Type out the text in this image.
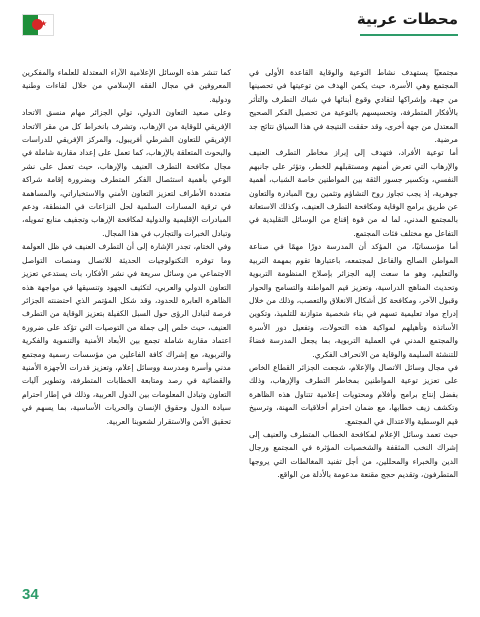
محطات عربية
★

مجتمعيًا يستهدف نشاط التوعية والوقاية القاعدة الأولى في المجتمع وهي الأسرة، حيث يكمن الهدف من توعيتها في تحصينها من جهة، وإشراكها لتفادي وقوع أبنائها في شباك التطرف والتأثر بالأفكار المتطرفة، وتحسيسهم بالتوعية من تحصيل الفكر الصحيح المعتدل من جهة أخرى، وقد حققت النتيجة في هذا السياق نتائج جد مرضية.

أما توعية الأفراد، فتهدف إلى إبراز مخاطر التطرف العنيف والإرهاب التي تعرض أمنهم ومستقبلهم للخطر، وتؤثر على جانبهم النفسي، وتكسير جسور الثقة بين المواطنين خاصة الشباب، أهمية جوهرية، إذ يجب تجاوز روح التشاؤم وتثمين روح المبادرة والتعاون عن طريق برامج الوقاية ومكافحة التطرف العنيف، وكذلك الاستعانة بالمجتمع المدني، لما له من قوة إقناع من الوسائل التقليدية في التفاعل مع مختلف فئات المجتمع.

أما مؤسساتيًا، من المؤكد أن المدرسة دورًا مهمًا في صناعة المواطن الصالح والفاعل لمجتمعه، باعتبارها تقوم بمهمة التربية والتعليم، وهو ما سعت إليه الجزائر بإصلاح المنظومة التربوية وتحديث المناهج الدراسية، وتعزيز قيم المواطنة والتسامح والحوار وقبول الآخر، ومكافحة كل أشكال الانغلاق والتعصب، وذلك من خلال إدراج مواد تعليمية تسهم في بناء شخصية متوازنة للتلميذ، وتكوين الأساتذة وتأهيلهم لمواكبة هذه التحولات، وتفعيل دور الأسرة والمجتمع المدني في العملية التربوية، بما يجعل المدرسة فضاءً للتنشئة السليمة والوقاية من الانحراف الفكري.

في مجال وسائل الاتصال والإعلام، شجعت الجزائر القطاع الخاص على تعزيز توعية المواطنين بمخاطر التطرف والإرهاب، وذلك بفضل إنتاج برامج وأفلام ومحتويات إعلامية تتناول هذه الظاهرة وتكشف زيف خطابها، مع ضمان احترام أخلاقيات المهنة، وترسيخ قيم الوسطية والاعتدال في المجتمع.

حيث تعمد وسائل الإعلام لمكافحة الخطاب المتطرف والعنيف إلى إشراك النخب المثقفة والشخصيات المؤثرة في المجتمع ورجال الدين والخبراء والمحللين، من أجل تفنيد المغالطات التي يروجها المتطرفون، وتقديم حجج مقنعة مدعومة بالأدلة من الواقع.

كما تنشر هذه الوسائل الإعلامية الآراء المعتدلة للعلماء والمفكرين المعروفين في مجال الفقه الإسلامي من خلال لقاءات وطنية ودولية.

وعلى صعيد التعاون الدولي، تولي الجزائر مهام منسق الاتحاد الإفريقي للوقاية من الإرهاب، وتشرف بانخراط كل من مقر الاتحاد الإفريقي للتعاون الشرطي أفريبول، والمركز الإفريقي للدراسات والبحوث المتعلقة بالإرهاب، كما تعمل على إعداد مقاربة شاملة في مجال مكافحة التطرف العنيف والإرهاب، حيث تعمل على نشر الوعي بأهمية استئصال الفكر المتطرف وبضرورة إقامة شراكة متعددة الأطراف لتعزيز التعاون الأمني والاستخباراتي، والمساهمة في ترقية المسارات السلمية لحل النزاعات في المنطقة، ودعم المبادرات الإقليمية والدولية لمكافحة الإرهاب وتجفيف منابع تمويله، وتبادل الخبرات والتجارب في هذا المجال.

وفي الختام، تجدر الإشارة إلى أن التطرف العنيف في ظل العولمة وما توفره التكنولوجيات الحديثة للاتصال ومنصات التواصل الاجتماعي من وسائل سريعة في نشر الأفكار، بات يستدعي تعزيز التعاون الدولي والعربي، لتكثيف الجهود وتنسيقها في مواجهة هذه الظاهرة العابرة للحدود، وقد شكل المؤتمر الذي احتضنته الجزائر فرصة لتبادل الرؤى حول السبل الكفيلة بتعزيز الوقاية من التطرف العنيف، حيث خلص إلى جملة من التوصيات التي تؤكد على ضرورة اعتماد مقاربة شاملة تجمع بين الأبعاد الأمنية والتنموية والفكرية والتربوية، مع إشراك كافة الفاعلين من مؤسسات رسمية ومجتمع مدني وأسرة ومدرسة ووسائل إعلام، وتعزيز قدرات الأجهزة الأمنية والقضائية في رصد ومتابعة الخطابات المتطرفة، وتطوير آليات التعاون وتبادل المعلومات بين الدول العربية، وذلك في إطار احترام سيادة الدول وحقوق الإنسان والحريات الأساسية، بما يسهم في تحقيق الأمن والاستقرار لشعوبنا العربية.

34
